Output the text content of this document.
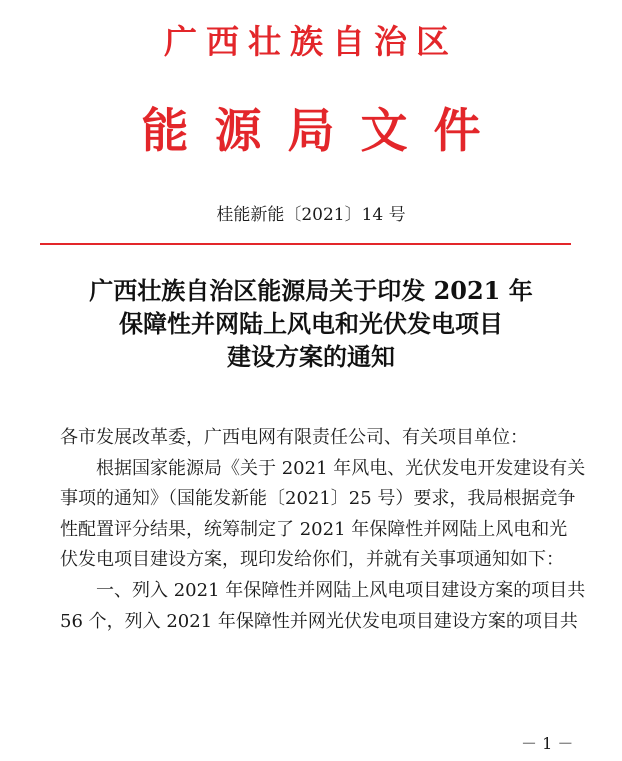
广西壮族自治区
能源局文件
桂能新能〔2021〕14 号
广西壮族自治区能源局关于印发 2021 年
保障性并网陆上风电和光伏发电项目
建设方案的通知
各市发展改革委，广西电网有限责任公司、有关项目单位：
根据国家能源局《关于 2021 年风电、光伏发电开发建设有关
事项的通知》（国能发新能〔2021〕25 号）要求，我局根据竞争
性配置评分结果，统筹制定了 2021 年保障性并网陆上风电和光
伏发电项目建设方案，现印发给你们，并就有关事项通知如下：
一、列入 2021 年保障性并网陆上风电项目建设方案的项目共
56 个，列入 2021 年保障性并网光伏发电项目建设方案的项目共
－ 1 －
